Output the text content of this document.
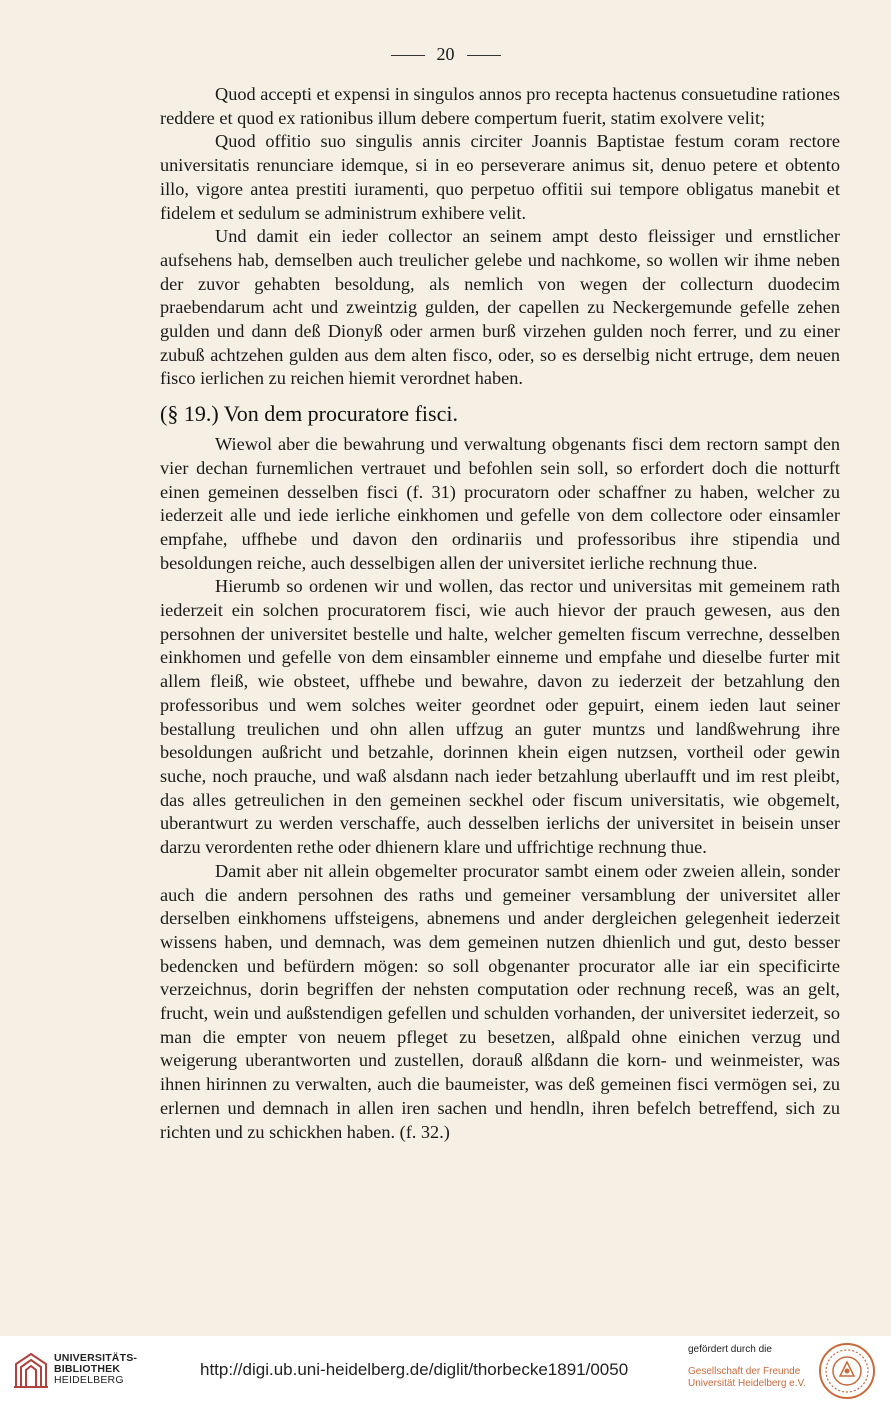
20

Quod accepti et expensi in singulos annos pro recepta hactenus consuetudine rationes reddere et quod ex rationibus illum debere compertum fuerit, statim exolvere velit;

Quod offitio suo singulis annis circiter Joannis Baptistae festum coram rectore universitatis renunciare idemque, si in eo perseverare animus sit, denuo petere et obtento illo, vigore antea prestiti iuramenti, quo perpetuo offitii sui tempore obligatus manebit et fidelem et sedulum se administrum exhibere velit.

Und damit ein ieder collector an seinem ampt desto fleissiger und ernstlicher aufsehens hab, demselben auch treulicher gelebe und nachkome, so wollen wir ihme neben der zuvor gehabten besoldung, als nemlich von wegen der collecturn duodecim praebendarum acht und zweintzig gulden, der capellen zu Neckergemunde gefelle zehen gulden und dann deß Dionyß oder armen burß virzehen gulden noch ferrer, und zu einer zubuß achtzehen gulden aus dem alten fisco, oder, so es derselbig nicht ertruge, dem neuen fisco ierlichen zu reichen hiemit verordnet haben.

(§ 19.) Von dem procuratore fisci.

Wiewol aber die bewahrung und verwaltung obgenants fisci dem rectorn sampt den vier dechan furnemlichen vertrauet und befohlen sein soll, so erfordert doch die notturft einen gemeinen desselben fisci (f. 31) procuratorn oder schaffner zu haben, welcher zu iederzeit alle und iede ierliche einkhomen und gefelle von dem collectore oder einsamler empfahe, uffhebe und davon den ordinariis und professoribus ihre stipendia und besoldungen reiche, auch desselbigen allen der universitet ierliche rechnung thue.

Hierumb so ordenen wir und wollen, das rector und universitas mit gemeinem rath iederzeit ein solchen procuratorem fisci, wie auch hievor der prauch gewesen, aus den persohnen der universitet bestelle und halte, welcher gemelten fiscum verrechne, desselben einkhomen und gefelle von dem einsambler einneme und empfahe und dieselbe furter mit allem fleiß, wie obsteet, uffhebe und bewahre, davon zu iederzeit der betzahlung den professoribus und wem solches weiter geordnet oder gepuirt, einem ieden laut seiner bestallung treulichen und ohn allen uffzug an guter muntzs und landßwehrung ihre besoldungen außricht und betzahle, dorinnen khein eigen nutzsen, vortheil oder gewin suche, noch prauche, und waß alsdann nach ieder betzahlung uberlaufft und im rest pleibt, das alles getreulichen in den gemeinen seckhel oder fiscum universitatis, wie obgemelt, uberantwurt zu werden verschaffe, auch desselben ierlichs der universitet in beisein unser darzu verordenten rethe oder dhienern klare und uffrichtige rechnung thue.

Damit aber nit allein obgemelter procurator sambt einem oder zweien allein, sonder auch die andern persohnen des raths und gemeiner versamblung der universitet aller derselben einkhomens uffsteigens, abnemens und ander dergleichen gelegenheit iederzeit wissens haben, und demnach, was dem gemeinen nutzen dhienlich und gut, desto besser bedencken und befürdern mögen: so soll obgenanter procurator alle iar ein specificirte verzeichnus, dorin begriffen der nehsten computation oder rechnung receß, was an gelt, frucht, wein und außstendigen gefellen und schulden vorhanden, der universitet iederzeit, so man die empter von neuem pfleget zu besetzen, alßpald ohne einichen verzug und weigerung uberantworten und zustellen, dorauß alßdann die korn- und weinmeister, was ihnen hirinnen zu verwalten, auch die baumeister, was deß gemeinen fisci vermögen sei, zu erlernen und demnach in allen iren sachen und hendln, ihren befelch betreffend, sich zu richten und zu schickhen haben. (f. 32.)

UNIVERSITÄTS-
BIBLIOTHEK
HEIDELBERG
http://digi.ub.uni-heidelberg.de/diglit/thorbecke1891/0050
gefördert durch die
Gesellschaft der Freunde
Universität Heidelberg e.V.
